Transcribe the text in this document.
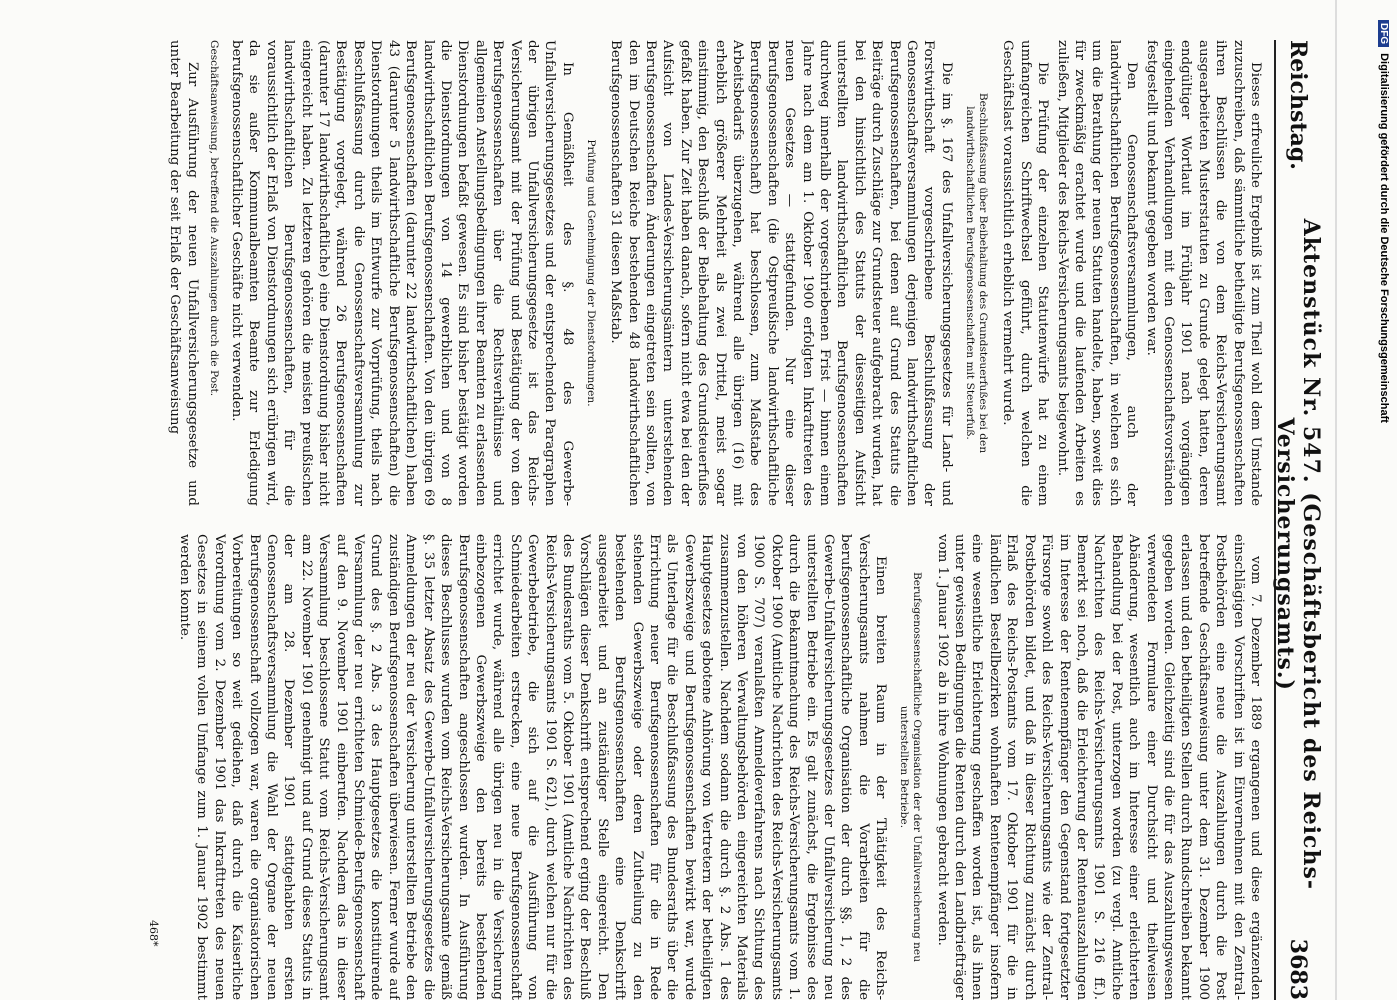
Reichstag.
Aktenstück Nr. 547. (Geschäftsbericht des Reichs-Versicherungsamts.)
3683

Dieses erfreuliche Ergebniß ist zum Theil wohl dem Umstande zuzuschreiben, daß sämmtliche betheiligte Berufsgenossenschaften ihren Beschlüssen die von dem Reichs-Versicherungsamt ausgearbeiteten Musterstatuten zu Grunde gelegt hatten, deren endgültiger Wortlaut im Frühjahr 1901 nach vorgängigen eingehenden Verhandlungen mit den Genossenschaftsvorständen festgestellt und bekannt gegeben worden war.

Den Genossenschaftsversammlungen, auch der landwirthschaftlichen Berufsgenossenschaften, in welchen es sich um die Berathung der neuen Statuten handelte, haben, soweit dies für zweckmäßig erachtet wurde und die laufenden Arbeiten es zuließen, Mitglieder des Reichs-Versicherungsamts beigewohnt.

Die Prüfung der einzelnen Statutenwürfe hat zu einem umfangreichen Schriftwechsel geführt, durch welchen die Geschäftslast voraussichtlich erheblich vermehrt wurde.

Beschlußfassung über Beibehaltung des Grundsteuerfußes bei den landwirthschaftlichen Berufsgenossenschaften mit Steuerfuß.

Die im §. 167 des Unfallversicherungsgesetzes für Land- und Forstwirthschaft vorgeschriebene Beschlußfassung der Genossenschaftsversammlungen derjenigen landwirthschaftlichen Berufsgenossenschaften, bei denen auf Grund des Statuts die Beiträge durch Zuschläge zur Grundsteuer aufgebracht wurden, hat bei den hinsichtlich des Statuts der diesseitigen Aufsicht unterstellten landwirthschaftlichen Berufsgenossenschaften durchweg innerhalb der vorgeschriebenen Frist — binnen einem Jahre nach dem am 1. Oktober 1900 erfolgten Inkrafttreten des neuen Gesetzes — stattgefunden. Nur eine dieser Berufsgenossenschaften (die Ostpreußische landwirthschaftliche Berufsgenossenschaft) hat beschlossen, zum Maßstabe des Arbeitsbedarfs überzugehen, während alle übrigen (16) mit erheblich größerer Mehrheit als zwei Drittel, meist sogar einstimmig, den Beschluß der Beibehaltung des Grundsteuerfußes gefaßt haben. Zur Zeit haben danach, sofern nicht etwa bei den der Aufsicht von Landes-Versicherungsämtern unterstehenden Berufsgenossenschaften Änderungen eingetreten sein sollten, von den im Deutschen Reiche bestehenden 48 landwirthschaftlichen Berufsgenossenschaften 31 diesen Maßstab.

Prüfung und Genehmigung der Dienstordnungen.

In Gemäßheit des §. 48 des Gewerbe-Unfallversicherungsgesetzes und der entsprechenden Paragraphen der übrigen Unfallversicherungsgesetze ist das Reichs-Versicherungsamt mit der Prüfung und Bestätigung der von den Berufsgenossenschaften über die Rechtsverhältnisse und allgemeinen Anstellungsbedingungen ihrer Beamten zu erlassenden Dienstordnungen befaßt gewesen. Es sind bisher bestätigt worden die Dienstordnungen von 14 gewerblichen und von 8 landwirthschaftlichen Berufsgenossenschaften. Von den übrigen 69 Berufsgenossenschaften (darunter 22 landwirthschaftlichen) haben 43 (darunter 5 landwirthschaftliche Berufsgenossenschaften) die Dienstordnungen theils im Entwurfe zur Vorprüfung, theils nach Beschlußfassung durch die Genossenschaftsversammlung zur Bestätigung vorgelegt, während 26 Berufsgenossenschaften (darunter 17 landwirthschaftliche) eine Dienstordnung bisher nicht eingereicht haben. Zu letzteren gehören die meisten preußischen landwirthschaftlichen Berufsgenossenschaften, für die voraussichtlich der Erlaß von Dienstordnungen sich erübrigen wird, da sie außer Kommunalbeamten Beamte zur Erledigung berufsgenossenschaftlicher Geschäfte nicht verwenden.

Geschäftsanweisung, betreffend die Auszahlungen durch die Post.

Zur Ausführung der neuen Unfallversicherungsgesetze und unter Bearbeitung der seit Erlaß der Geschäftsanweisung

vom 7. Dezember 1889 ergangenen und diese ergänzenden einschlägigen Vorschriften ist im Einvernehmen mit den Zentral-Postbehörden eine neue die Auszahlungen durch die Post betreffende Geschäftsanweisung unter dem 31. Dezember 1900 erlassen und den betheiligten Stellen durch Rundschreiben bekannt gegeben worden. Gleichzeitig sind die für das Auszahlungswesen verwendeten Formulare einer Durchsicht und theilweisen Abänderung, wesentlich auch im Interesse einer erleichterten Behandlung bei der Post, unterzogen worden (zu vergl. Amtliche Nachrichten des Reichs-Versicherungsamts 1901 S. 216 ff.). Bemerkt sei noch, daß die Erleichterung der Rentenauszahlungen im Interesse der Rentenempfänger den Gegenstand fortgesetzter Fürsorge sowohl des Reichs-Versicherungsamts wie der Zentral-Postbehörden bildet, und daß in dieser Richtung zunächst durch Erlaß des Reichs-Postamts vom 17. Oktober 1901 für die in ländlichen Bestellbezirken wohnhaften Rentenempfänger insofern eine wesentliche Erleichterung geschaffen worden ist, als ihnen unter gewissen Bedingungen die Renten durch den Landbriefträger vom 1. Januar 1902 ab in ihre Wohnungen gebracht werden.

Berufsgenossenschaftliche Organisation der der Unfallversicherung neu unterstellten Betriebe.

Einen breiten Raum in der Thätigkeit des Reichs-Versicherungsamts nahmen die Vorarbeiten für die berufsgenossenschaftliche Organisation der durch §§. 1, 2 des Gewerbe-Unfallversicherungsgesetzes der Unfallversicherung neu unterstellten Betriebe ein. Es galt zunächst, die Ergebnisse des durch die Bekanntmachung des Reichs-Versicherungsamts vom 1. Oktober 1900 (Amtliche Nachrichten des Reichs-Versicherungsamts 1900 S. 707) veranlaßten Anmeldeverfahrens nach Sichtung des von den höheren Verwaltungsbehörden eingereichten Materials zusammenzustellen. Nachdem sodann die durch §. 2 Abs. 1 des Hauptgesetzes gebotene Anhörung von Vertretern der betheiligten Gewerbszweige und Berufsgenossenschaften bewirkt war, wurde als Unterlage für die Beschlußfassung des Bundesraths über die Errichtung neuer Berufsgenossenschaften für die in Rede stehenden Gewerbszweige oder deren Zutheilung zu den bestehenden Berufsgenossenschaften eine Denkschrift ausgearbeitet und an zuständiger Stelle eingereicht. Den Vorschlägen dieser Denkschrift entsprechend erging der Beschluß des Bundesraths vom 5. Oktober 1901 (Amtliche Nachrichten des Reichs-Versicherungsamts 1901 S. 621), durch welchen nur für die Gewerbebetriebe, die sich auf die Ausführung von Schmiedearbeiten erstrecken, eine neue Berufsgenossenschaft errichtet wurde, während alle übrigen neu in die Versicherung einbezogenen Gewerbszweige den bereits bestehenden Berufsgenossenschaften angeschlossen wurden. In Ausführung dieses Beschlusses wurden vom Reichs-Versicherungsamte gemäß §. 35 letzter Absatz des Gewerbe-Unfallversicherungsgesetzes die Anmeldungen der neu der Versicherung unterstellten Betriebe den zuständigen Berufsgenossenschaften überwiesen. Ferner wurde auf Grund des §. 2 Abs. 3 des Hauptgesetzes die konstituirende Versammlung der neu errichteten Schmiede-Berufsgenossenschaft auf den 9. November 1901 einberufen. Nachdem das in dieser Versammlung beschlossene Statut vom Reichs-Versicherungsamt am 22. November 1901 genehmigt und auf Grund dieses Statuts in der am 28. Dezember 1901 stattgehabten ersten Genossenschaftsversammlung die Wahl der Organe der neuen Berufsgenossenschaft vollzogen war, waren die organisatorischen Vorbereitungen so weit gediehen, daß durch die Kaiserliche Verordnung vom 2. Dezember 1901 das Inkrafttreten des neuen Gesetzes in seinem vollen Umfange zum 1. Januar 1902 bestimmt werden konnte.

468*
DFGDigitalisierung gefördert durch die Deutsche Forschungsgemeinschaft
